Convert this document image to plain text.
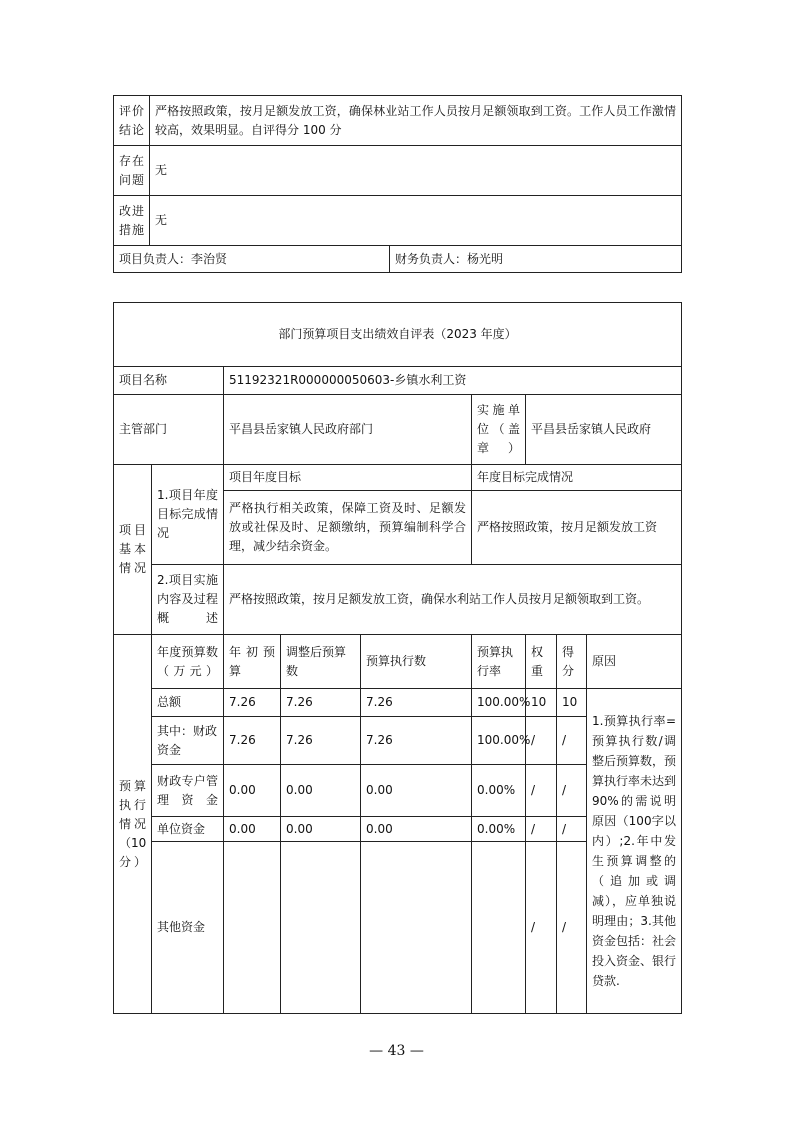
评价结论	严格按照政策，按月足额发放工资，确保林业站工作人员按月足额领取到工资。工作人员工作激情较高，效果明显。自评得分 100 分	
存在问题	无	
改进措施	无	
项目负责人：李治贤		财务负责人：杨光明
部门预算项目支出绩效自评表（2023 年度）								
项目名称		51192321R000000050603-乡镇水利工资						
主管部门		平昌县岳家镇人民政府部门			实施单位（盖章）	平昌县岳家镇人民政府		
项目基本情况	1.项目年度目标完成情况	项目年度目标			年度目标完成情况			
		严格执行相关政策，保障工资及时、足额发放或社保及时、足额缴纳，预算编制科学合理，减少结余资金。			严格按照政策，按月足额发放工资			
	2.项目实施内容及过程概述	严格按照政策，按月足额发放工资，确保水利站工作人员按月足额领取到工资。						
预算执行情况（10分）	年度预算数（万元）	年初预算	调整后预算数	预算执行数	预算执行率	权重	得分	原因
	总额	7.26	7.26	7.26	100.00%	10	10	1.预算执行率=预算执行数/调整后预算数，预算执行率未达到90%的需说明原因（100字以内）;2.年中发生预算调整的（追加或调减），应单独说明理由；3.其他资金包括：社会投入资金、银行贷款.
	其中：财政资金	7.26	7.26	7.26	100.00%	/	/	
	财政专户管理资金	0.00	0.00	0.00	0.00%	/	/	
	单位资金	0.00	0.00	0.00	0.00%	/	/	
	其他资金					/	/	
— 43 —
